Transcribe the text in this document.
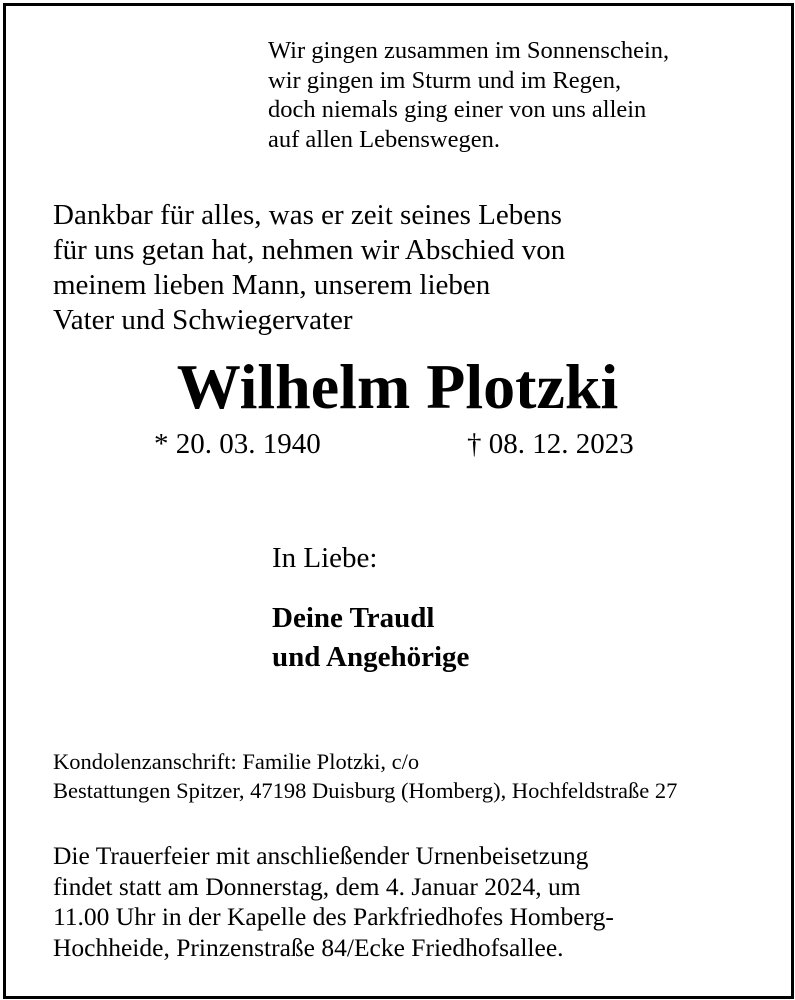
Wir gingen zusammen im Sonnenschein,
wir gingen im Sturm und im Regen,
doch niemals ging einer von uns allein
auf allen Lebenswegen.
Dankbar für alles, was er zeit seines Lebens
für uns getan hat, nehmen wir Abschied von
meinem lieben Mann, unserem lieben
Vater und Schwiegervater
Wilhelm Plotzki
* 20. 03. 1940	† 08. 12. 2023
In Liebe:
Deine Traudl
und Angehörige
Kondolenzanschrift: Familie Plotzki, c/o
Bestattungen Spitzer, 47198 Duisburg (Homberg), Hochfeldstraße 27
Die Trauerfeier mit anschließender Urnenbeisetzung
findet statt am Donnerstag, dem 4. Januar 2024, um
11.00 Uhr in der Kapelle des Parkfriedhofes Homberg-
Hochheide, Prinzenstraße 84/Ecke Friedhofsallee.
